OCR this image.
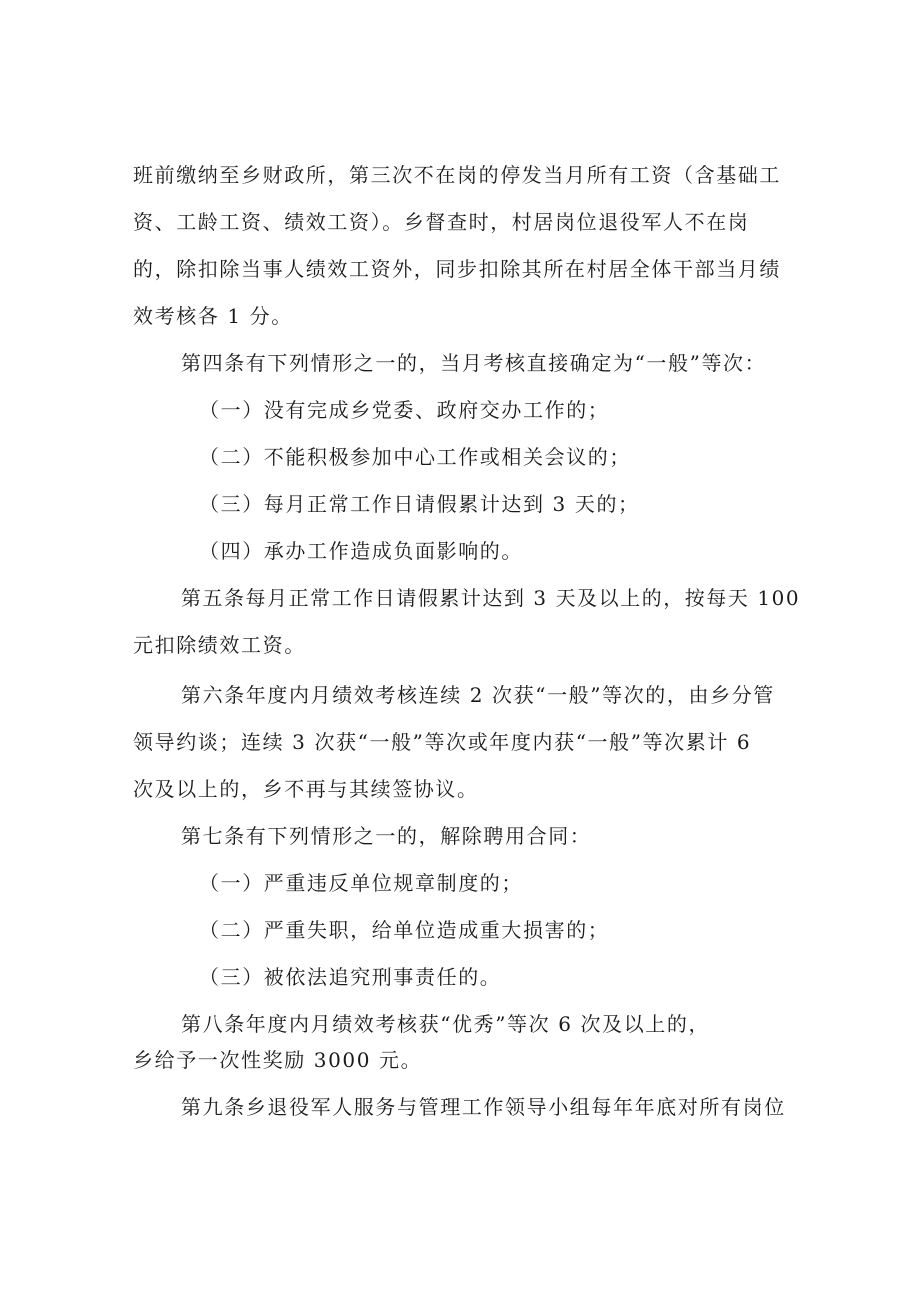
班前缴纳至乡财政所，第三次不在岗的停发当月所有工资（含基础工
资、工龄工资、绩效工资）。乡督查时，村居岗位退役军人不在岗
的，除扣除当事人绩效工资外，同步扣除其所在村居全体干部当月绩
效考核各 1 分。
第四条有下列情形之一的，当月考核直接确定为“一般”等次：
（一）没有完成乡党委、政府交办工作的；
（二）不能积极参加中心工作或相关会议的；
（三）每月正常工作日请假累计达到 3 天的；
（四）承办工作造成负面影响的。
第五条每月正常工作日请假累计达到 3 天及以上的，按每天 100
元扣除绩效工资。
第六条年度内月绩效考核连续 2 次获“一般”等次的，由乡分管
领导约谈；连续 3 次获“一般”等次或年度内获“一般”等次累计 6
次及以上的，乡不再与其续签协议。
第七条有下列情形之一的，解除聘用合同：
（一）严重违反单位规章制度的；
（二）严重失职，给单位造成重大损害的；
（三）被依法追究刑事责任的。
第八条年度内月绩效考核获“优秀”等次 6 次及以上的，
乡给予一次性奖励 3000 元。
第九条乡退役军人服务与管理工作领导小组每年年底对所有岗位
